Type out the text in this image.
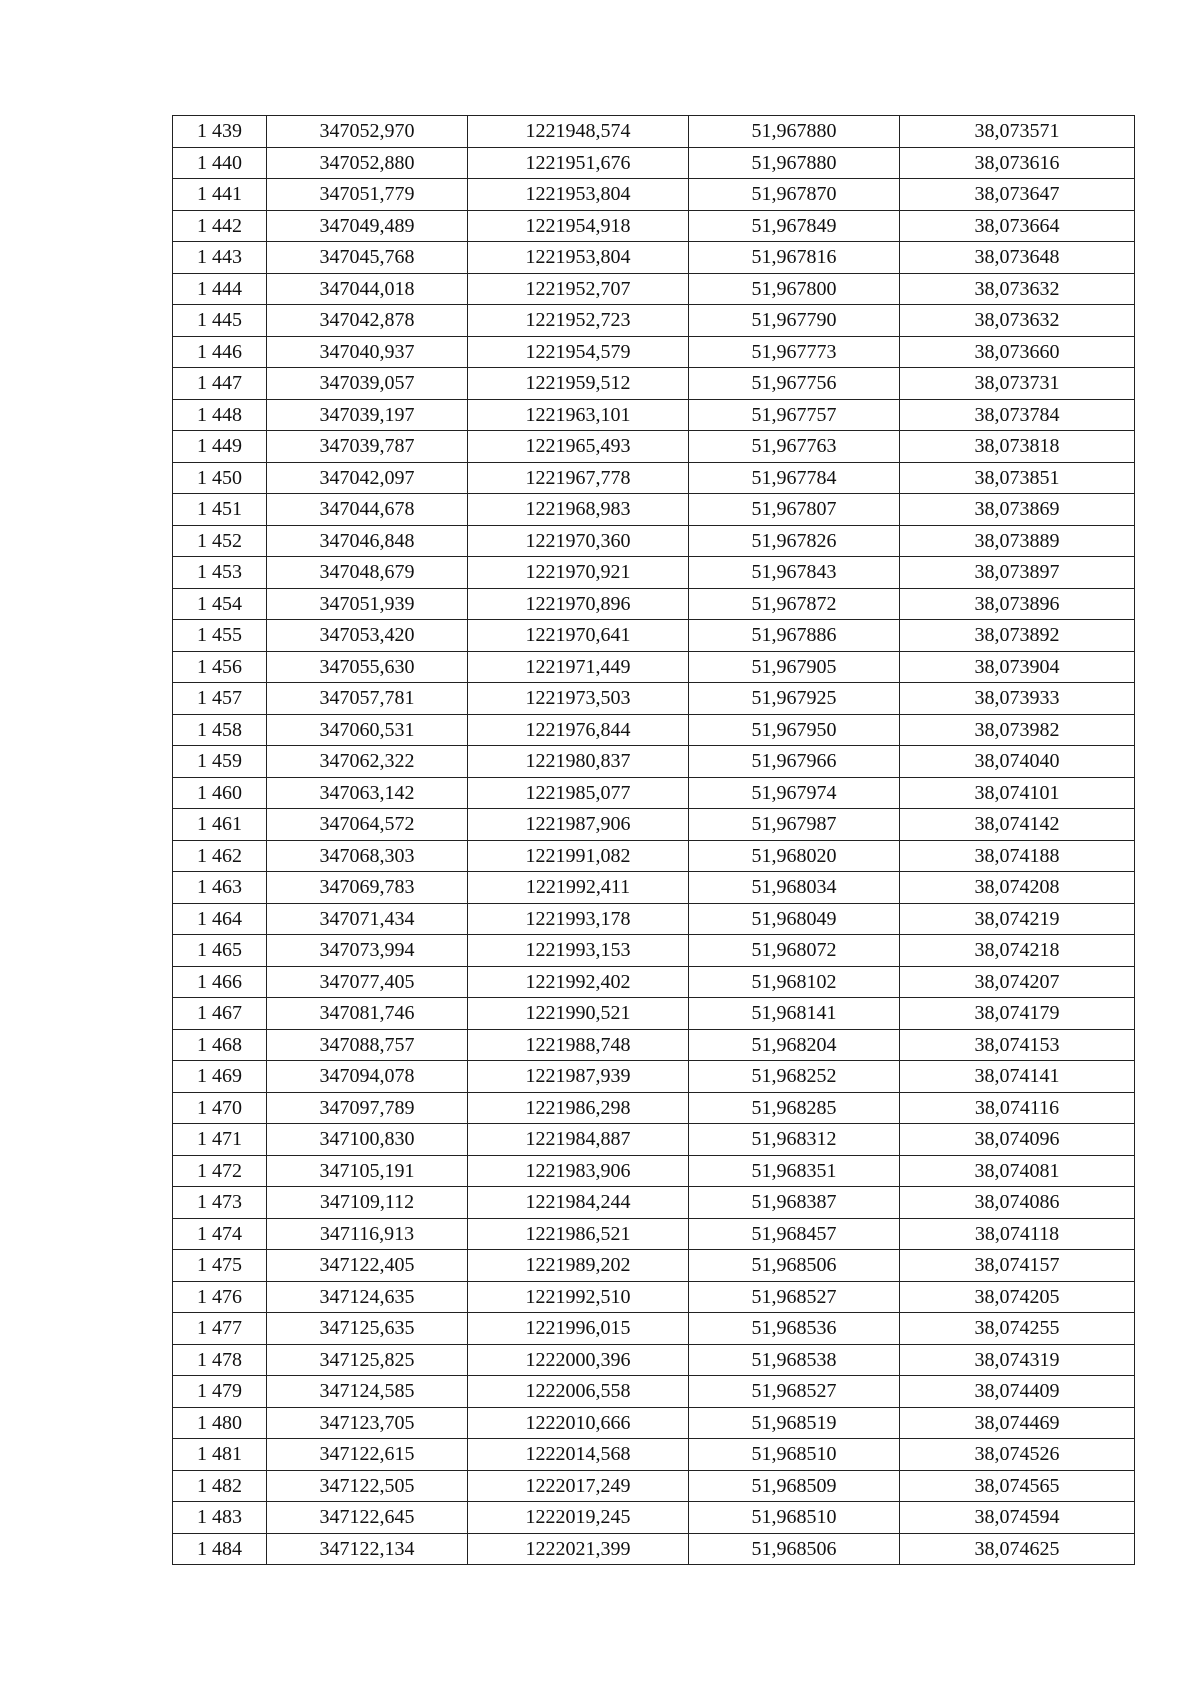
1 439	347052,970	1221948,574	51,967880	38,073571
1 440	347052,880	1221951,676	51,967880	38,073616
1 441	347051,779	1221953,804	51,967870	38,073647
1 442	347049,489	1221954,918	51,967849	38,073664
1 443	347045,768	1221953,804	51,967816	38,073648
1 444	347044,018	1221952,707	51,967800	38,073632
1 445	347042,878	1221952,723	51,967790	38,073632
1 446	347040,937	1221954,579	51,967773	38,073660
1 447	347039,057	1221959,512	51,967756	38,073731
1 448	347039,197	1221963,101	51,967757	38,073784
1 449	347039,787	1221965,493	51,967763	38,073818
1 450	347042,097	1221967,778	51,967784	38,073851
1 451	347044,678	1221968,983	51,967807	38,073869
1 452	347046,848	1221970,360	51,967826	38,073889
1 453	347048,679	1221970,921	51,967843	38,073897
1 454	347051,939	1221970,896	51,967872	38,073896
1 455	347053,420	1221970,641	51,967886	38,073892
1 456	347055,630	1221971,449	51,967905	38,073904
1 457	347057,781	1221973,503	51,967925	38,073933
1 458	347060,531	1221976,844	51,967950	38,073982
1 459	347062,322	1221980,837	51,967966	38,074040
1 460	347063,142	1221985,077	51,967974	38,074101
1 461	347064,572	1221987,906	51,967987	38,074142
1 462	347068,303	1221991,082	51,968020	38,074188
1 463	347069,783	1221992,411	51,968034	38,074208
1 464	347071,434	1221993,178	51,968049	38,074219
1 465	347073,994	1221993,153	51,968072	38,074218
1 466	347077,405	1221992,402	51,968102	38,074207
1 467	347081,746	1221990,521	51,968141	38,074179
1 468	347088,757	1221988,748	51,968204	38,074153
1 469	347094,078	1221987,939	51,968252	38,074141
1 470	347097,789	1221986,298	51,968285	38,074116
1 471	347100,830	1221984,887	51,968312	38,074096
1 472	347105,191	1221983,906	51,968351	38,074081
1 473	347109,112	1221984,244	51,968387	38,074086
1 474	347116,913	1221986,521	51,968457	38,074118
1 475	347122,405	1221989,202	51,968506	38,074157
1 476	347124,635	1221992,510	51,968527	38,074205
1 477	347125,635	1221996,015	51,968536	38,074255
1 478	347125,825	1222000,396	51,968538	38,074319
1 479	347124,585	1222006,558	51,968527	38,074409
1 480	347123,705	1222010,666	51,968519	38,074469
1 481	347122,615	1222014,568	51,968510	38,074526
1 482	347122,505	1222017,249	51,968509	38,074565
1 483	347122,645	1222019,245	51,968510	38,074594
1 484	347122,134	1222021,399	51,968506	38,074625
